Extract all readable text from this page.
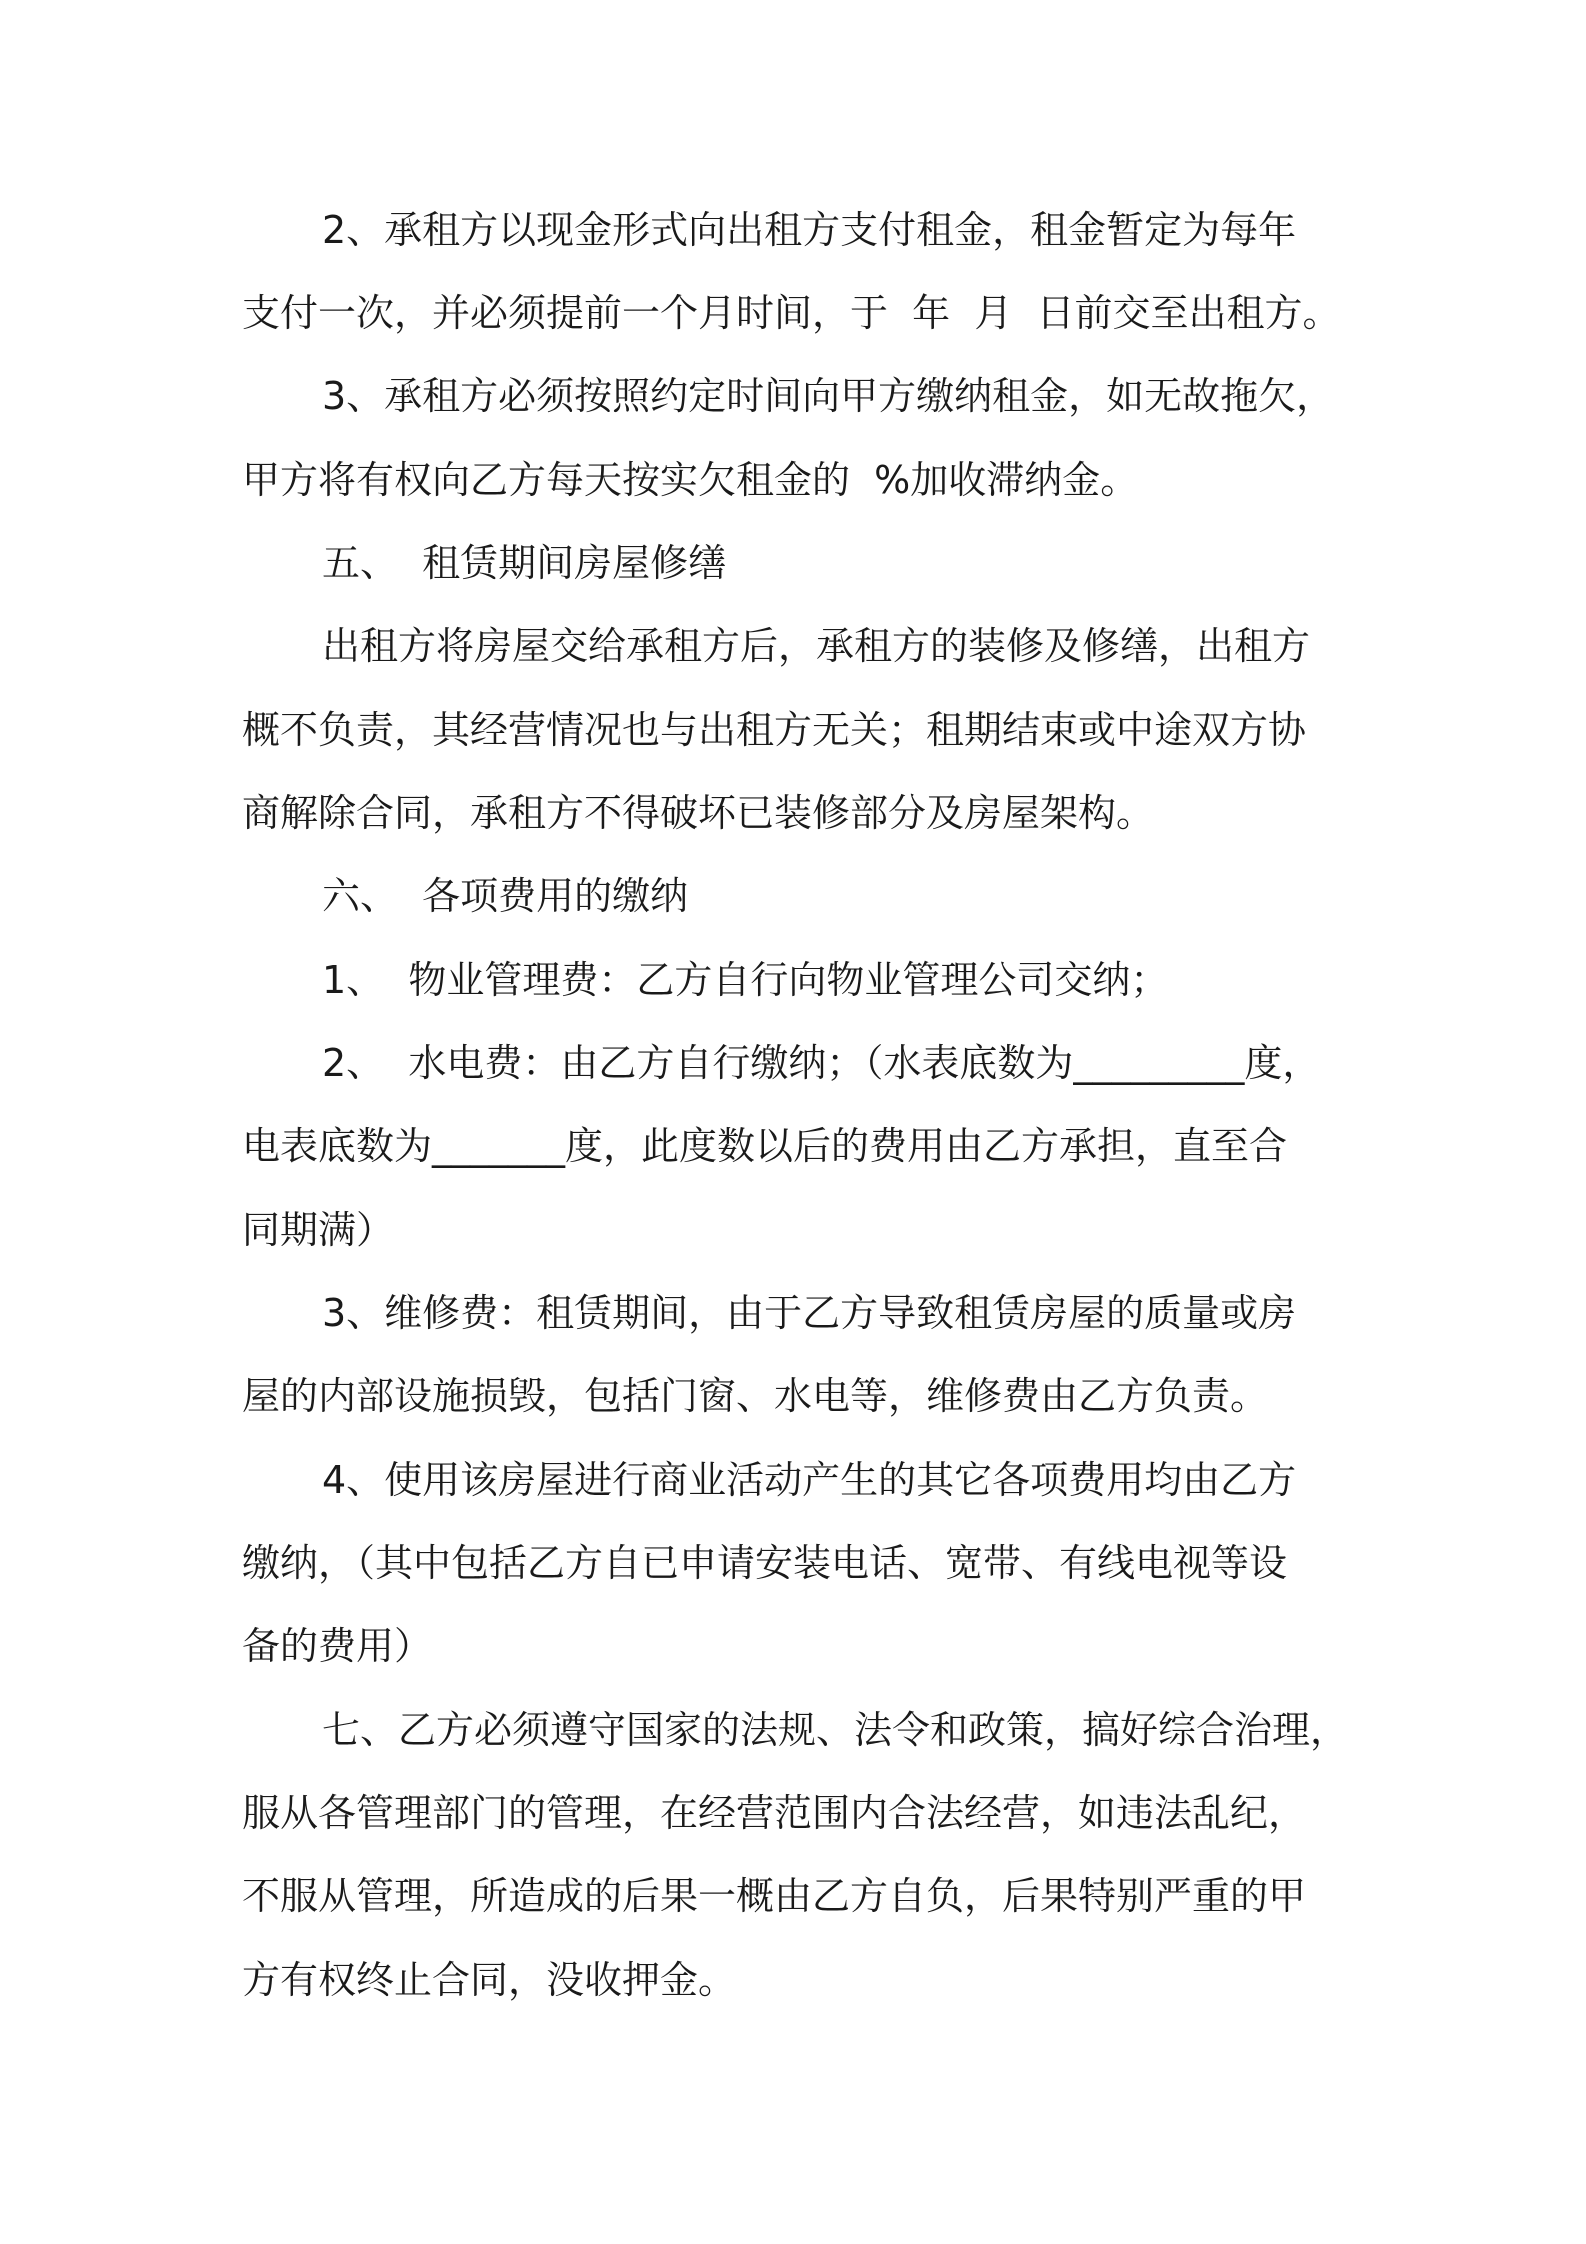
2、承租方以现金形式向出租方支付租金，租金暂定为每年

支付一次，并必须提前一个月时间，于  年  月  日前交至出租方。

3、承租方必须按照约定时间向甲方缴纳租金，如无故拖欠，

甲方将有权向乙方每天按实欠租金的  %加收滞纳金。

五、  租赁期间房屋修缮

出租方将房屋交给承租方后，承租方的装修及修缮，出租方

概不负责，其经营情况也与出租方无关；租期结束或中途双方协

商解除合同，承租方不得破坏已装修部分及房屋架构。

六、  各项费用的缴纳

1、  物业管理费：乙方自行向物业管理公司交纳；

2、  水电费：由乙方自行缴纳；（水表底数为_________度，

电表底数为_______度，此度数以后的费用由乙方承担，直至合

同期满）

3、维修费：租赁期间，由于乙方导致租赁房屋的质量或房

屋的内部设施损毁，包括门窗、水电等，维修费由乙方负责。

4、使用该房屋进行商业活动产生的其它各项费用均由乙方

缴纳，（其中包括乙方自已申请安装电话、宽带、有线电视等设

备的费用）

七、乙方必须遵守国家的法规、法令和政策，搞好综合治理，

服从各管理部门的管理，在经营范围内合法经营，如违法乱纪，

不服从管理，所造成的后果一概由乙方自负，后果特别严重的甲

方有权终止合同，没收押金。
